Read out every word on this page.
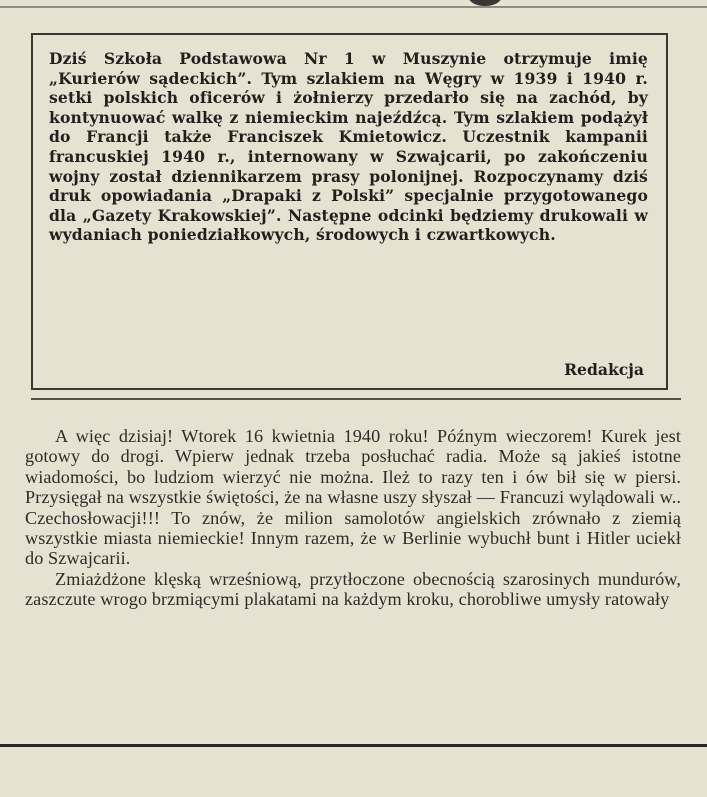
Dziś Szkoła Podstawowa Nr 1 w Muszynie otrzymuje imię „Kurierów sądeckich”. Tym szlakiem na Węgry w 1939 i 1940 r. setki polskich oficerów i żołnierzy przedarło się na zachód, by kontynuować walkę z niemieckim najeźdźcą. Tym szlakiem podążył do Francji także Franciszek Kmietowicz. Uczestnik kampanii francuskiej 1940 r., internowany w Szwajcarii, po zakończeniu wojny został dziennikarzem prasy polonijnej. Rozpoczynamy dziś druk opowiadania „Drapaki z Polski” specjalnie przygotowanego dla „Gazety Krakowskiej”. Następne odcinki będziemy drukowali w wydaniach poniedziałkowych, środowych i czwartkowych.

Redakcja

A więc dzisiaj! Wtorek 16 kwietnia 1940 roku! Późnym wieczorem! Kurek jest gotowy do drogi. Wpierw jednak trzeba posłuchać radia. Może są jakieś istotne wiadomości, bo ludziom wierzyć nie można. Ileż to razy ten i ów bił się w piersi. Przysięgał na wszystkie świętości, że na własne uszy słyszał — Francuzi wylądowali w.. Czechosłowacji!!! To znów, że milion samolotów angielskich zrównało z ziemią wszystkie miasta niemieckie! Innym razem, że w Berlinie wybuchł bunt i Hitler uciekł do Szwajcarii.

Zmiażdżone klęską wrześniową, przytłoczone obecnością szarosinych mundurów, zaszczute wrogo brzmiącymi plakatami na każdym kroku, chorobliwe umysły ratowały
